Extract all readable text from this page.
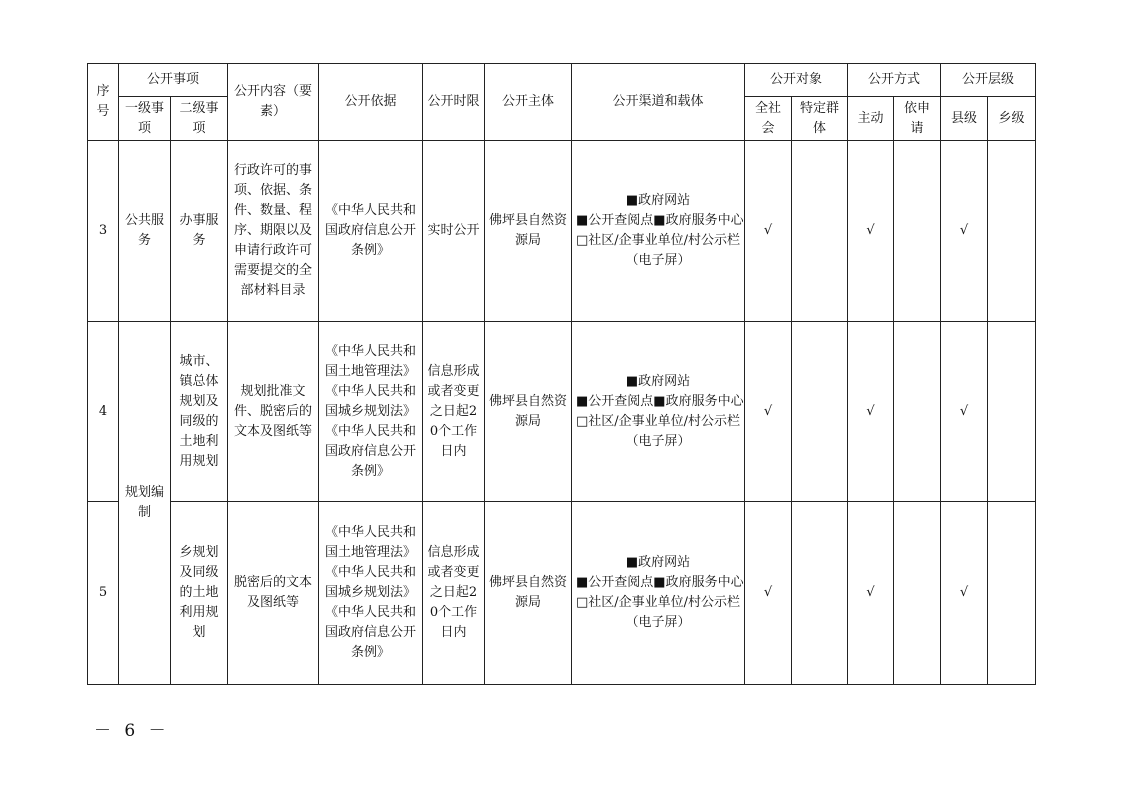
序号	公开事项		公开内容（要素）	公开依据	公开时限	公开主体	公开渠道和载体	公开对象		公开方式		公开层级	
	一级事项	二级事项						全社会	特定群体	主动	依申请	县级	乡级
3	公共服务	办事服务	行政许可的事项、依据、条件、数量、程序、期限以及申请行政许可需要提交的全部材料目录	《中华人民共和国政府信息公开条例》	实时公开	佛坪县自然资源局	■政府网站
■公开查阅点■政府服务中心
□社区/企事业单位/村公示栏
（电子屏）	√		√		√	
4	规划编制	城市、镇总体规划及同级的土地利用规划	规划批准文件、脱密后的文本及图纸等	《中华人民共和国土地管理法》《中华人民共和国城乡规划法》《中华人民共和国政府信息公开条例》	信息形成或者变更之日起20个工作日内	佛坪县自然资源局	■政府网站
■公开查阅点■政府服务中心
□社区/企事业单位/村公示栏
（电子屏）	√		√		√	
5		乡规划及同级的土地利用规划	脱密后的文本及图纸等	《中华人民共和国土地管理法》《中华人民共和国城乡规划法》《中华人民共和国政府信息公开条例》	信息形成或者变更之日起20个工作日内	佛坪县自然资源局	■政府网站
■公开查阅点■政府服务中心
□社区/企事业单位/村公示栏
（电子屏）	√		√		√	
－ 6 －
